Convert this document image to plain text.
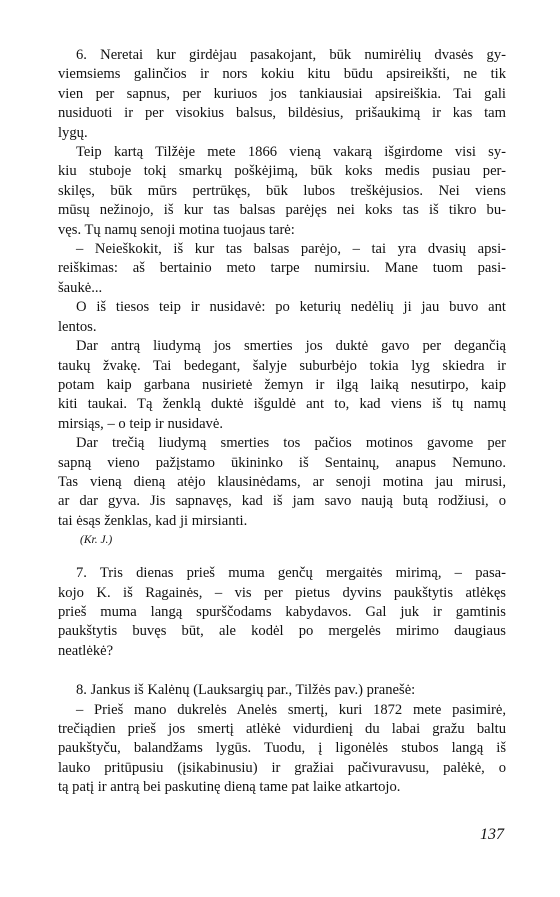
6. Neretai kur girdėjau pasakojant, būk numirėlių dvasės gy-
viemsiems galinčios ir nors kokiu kitu būdu apsireikšti, ne tik
vien per sapnus, per kuriuos jos tankiausiai apsireiškia. Tai gali
nusiduoti ir per visokius balsus, bildėsius, prišaukimą ir kas tam
lygų.
Teip kartą Tilžėje mete 1866 vieną vakarą išgirdome visi sy-
kiu stuboje tokį smarkų poškėjimą, būk koks medis pusiau per-
skilęs, būk mūrs pertrūkęs, būk lubos treškėjusios. Nei viens
mūsų nežinojo, iš kur tas balsas parėjęs nei koks tas iš tikro bu-
vęs. Tų namų senoji motina tuojaus tarė:
– Neieškokit, iš kur tas balsas parėjo, – tai yra dvasių apsi-
reiškimas: aš bertainio meto tarpe numirsiu. Mane tuom pasi-
šaukė...
O iš tiesos teip ir nusidavė: po keturių nedėlių ji jau buvo ant
lentos.
Dar antrą liudymą jos smerties jos duktė gavo per degančią
taukų žvakę. Tai bedegant, šalyje suburbėjo tokia lyg skiedra ir
potam kaip garbana nusirietė žemyn ir ilgą laiką nesutirpo, kaip
kiti taukai. Tą ženklą duktė išguldė ant to, kad viens iš tų namų
mirsiąs, – o teip ir nusidavė.
Dar trečią liudymą smerties tos pačios motinos gavome per
sapną vieno pažįstamo ūkininko iš Sentainų, anapus Nemuno.
Tas vieną dieną atėjo klausinėdams, ar senoji motina jau mirusi,
ar dar gyva. Jis sapnavęs, kad iš jam savo naują butą rodžiusi, o
tai ėsąs ženklas, kad ji mirsianti.
(Kr. J.)
7. Tris dienas prieš muma genčų mergaitės mirimą, – pasa-
kojo K. iš Ragainės, – vis per pietus dyvins paukštytis atlėkęs
prieš muma langą spurščodams kabydavos. Gal juk ir gamtinis
paukštytis buvęs būt, ale kodėl po mergelės mirimo daugiaus
neatlėkė?
8. Jankus iš Kalėnų (Lauksargių par., Tilžės pav.) pranešė:
– Prieš mano dukrelės Anelės smertį, kuri 1872 mete pasimirė,
trečiądien prieš jos smertį atlėkė vidurdienį du labai gražu baltu
paukštyču, balandžams lygūs. Tuodu, į ligonėlės stubos langą iš
lauko pritūpusiu (įsikabinusiu) ir gražiai pačivuravusu, palėkė, o
tą patį ir antrą bei paskutinę dieną tame pat laike atkartojo.
137
